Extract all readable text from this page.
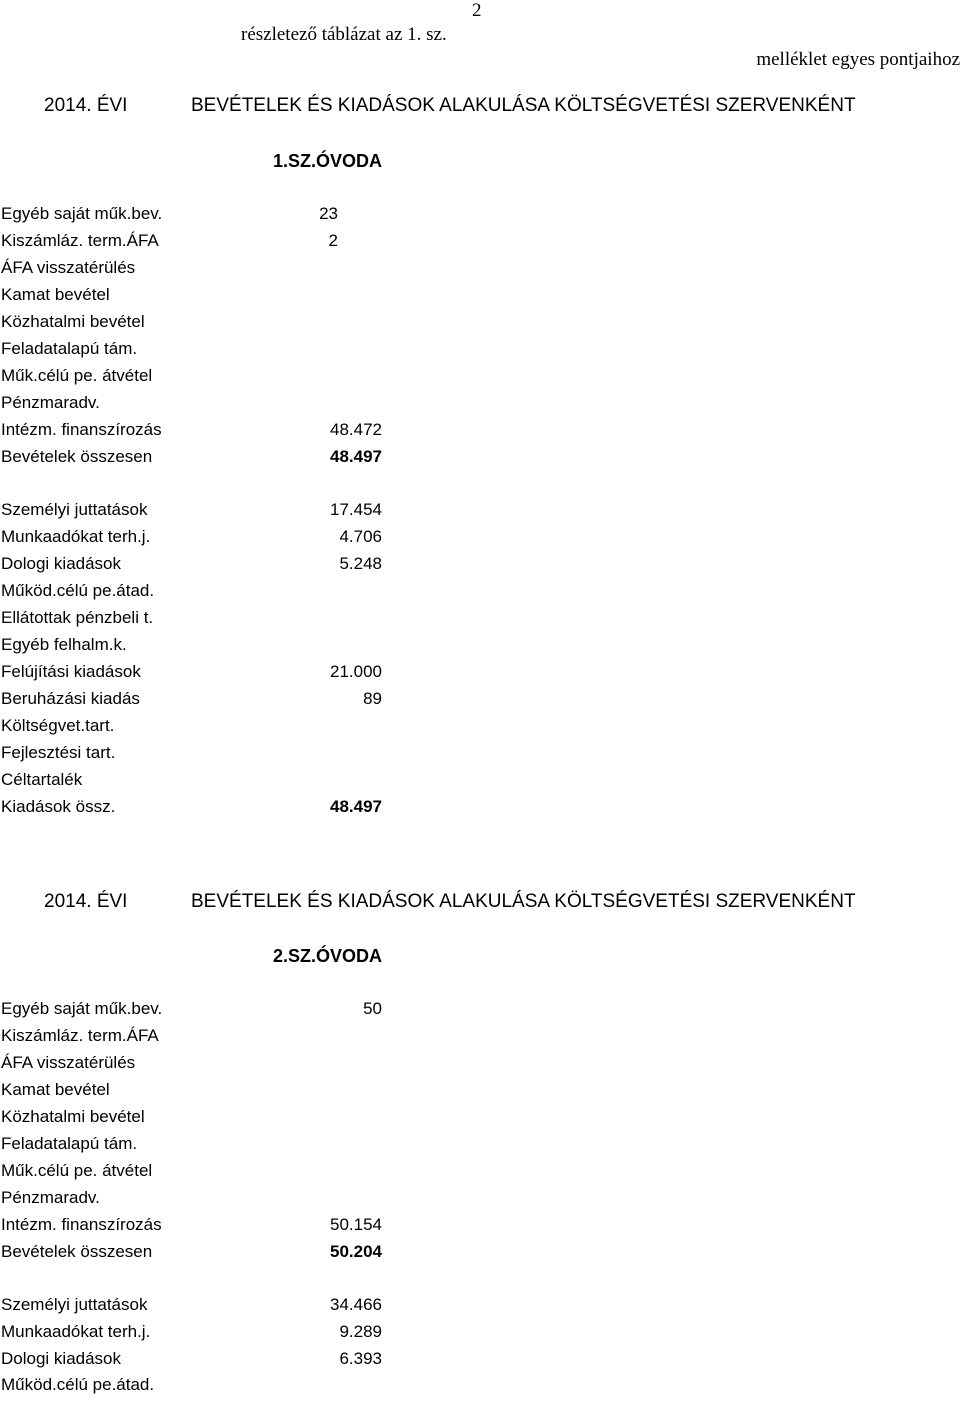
2
részletező táblázat az 1. sz.
melléklet egyes pontjaihoz
2014. ÉVI	BEVÉTELEK ÉS KIADÁSOK ALAKULÁSA KÖLTSÉGVETÉSI SZERVENKÉNT
1.SZ.ÓVODA
Egyéb saját műk.bev.	23
Kiszámláz. term.ÁFA	2
ÁFA visszatérülés
Kamat bevétel
Közhatalmi bevétel
Feladatalapú tám.
Műk.célú pe. átvétel
Pénzmaradv.
Intézm. finanszírozás	48.472
Bevételek összesen	48.497
Személyi juttatások	17.454
Munkaadókat terh.j.	4.706
Dologi kiadások	5.248
Működ.célú pe.átad.
Ellátottak pénzbeli t.
Egyéb felhalm.k.
Felújítási kiadások	21.000
Beruházási kiadás	89
Költségvet.tart.
Fejlesztési tart.
Céltartalék
Kiadások össz.	48.497
2014. ÉVI	BEVÉTELEK ÉS KIADÁSOK ALAKULÁSA KÖLTSÉGVETÉSI SZERVENKÉNT
2.SZ.ÓVODA
Egyéb saját műk.bev.	50
Kiszámláz. term.ÁFA
ÁFA visszatérülés
Kamat bevétel
Közhatalmi bevétel
Feladatalapú tám.
Műk.célú pe. átvétel
Pénzmaradv.
Intézm. finanszírozás	50.154
Bevételek összesen	50.204
Személyi juttatások	34.466
Munkaadókat terh.j.	9.289
Dologi kiadások	6.393
Működ.célú pe.átad.
